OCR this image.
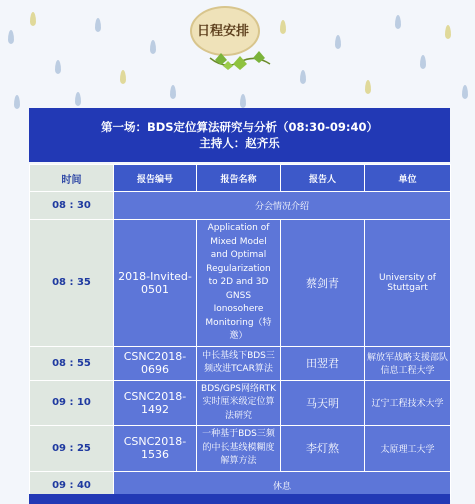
日程安排
第一场：BDS定位算法研究与分析（08:30-09:40）
主持人：赵齐乐
时间	报告编号	报告名称	报告人	单位
08 : 30	分会情况介绍			
08 : 35	2018-Invited-0501	Application of Mixed Model and Optimal Regularization to 2D and 3D GNSS Ionosohere Monitoring（特邀）	蔡剑青	University of Stuttgart
08 : 55	CSNC2018-0696	中长基线下BDS三频改进TCAR算法	田翌君	解放军战略支援部队信息工程大学
09 : 10	CSNC2018-1492	BDS/GPS网络RTK实时厘米级定位算法研究	马天明	辽宁工程技术大学
09 : 25	CSNC2018-1536	一种基于BDS三频的中长基线模糊度解算方法	李灯熬	太原理工大学
09 : 40	休息			
